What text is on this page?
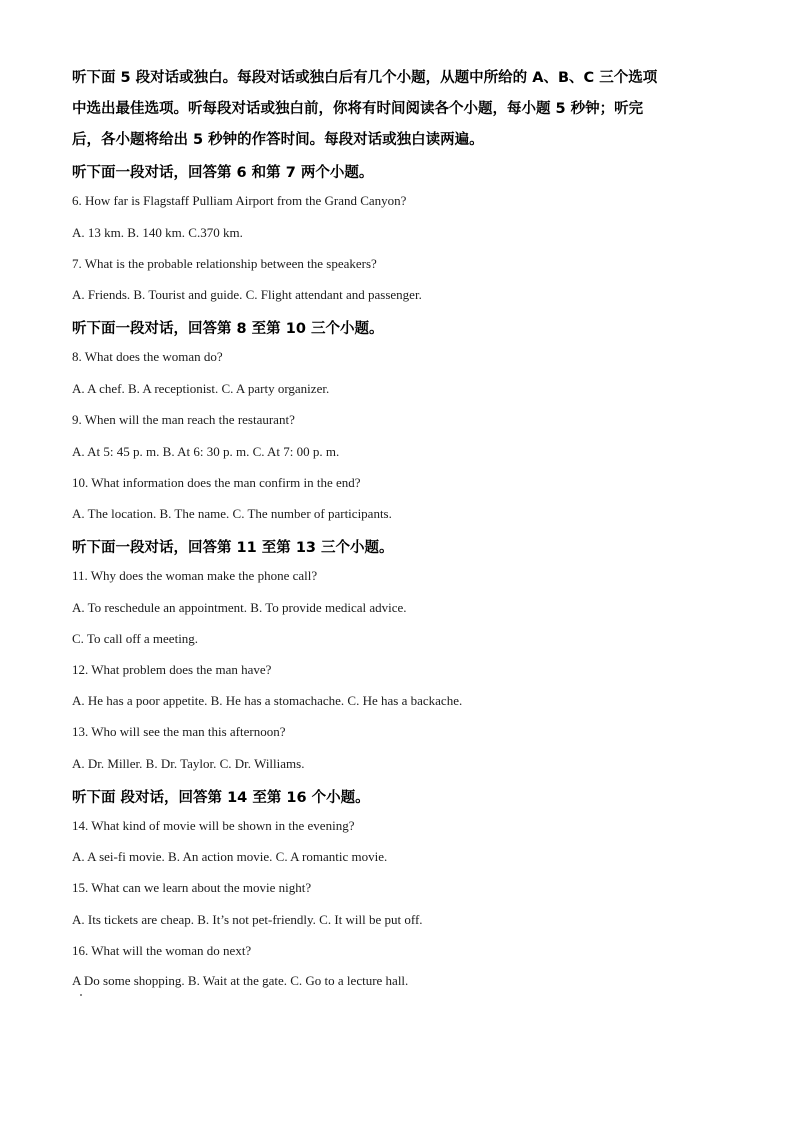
听下面 5 段对话或独白。每段对话或独白后有几个小题，从题中所给的 A、B、C 三个选项
中选出最佳选项。听每段对话或独白前，你将有时间阅读各个小题，每小题 5 秒钟；听完
后，各小题将给出 5 秒钟的作答时间。每段对话或独白读两遍。
听下面一段对话，回答第 6 和第 7 两个小题。
6. How far is Flagstaff Pulliam Airport from the Grand Canyon?
A. 13 km. B. 140 km. C.370 km.
7. What is the probable relationship between the speakers?
A. Friends. B. Tourist and guide. C. Flight attendant and passenger.
听下面一段对话，回答第 8 至第 10 三个小题。
8. What does the woman do?
A. A chef. B. A receptionist. C. A party organizer.
9. When will the man reach the restaurant?
A. At 5: 45 p. m. B. At 6: 30 p. m. C. At 7: 00 p. m.
10. What information does the man confirm in the end?
A. The location. B. The name. C. The number of participants.
听下面一段对话，回答第 11 至第 13 三个小题。
11. Why does the woman make the phone call?
A. To reschedule an appointment. B. To provide medical advice.
C. To call off a meeting.
12. What problem does the man have?
A. He has a poor appetite. B. He has a stomachache. C. He has a backache.
13. Who will see the man this afternoon?
A. Dr. Miller. B. Dr. Taylor. C. Dr. Williams.
听下面 段对话，回答第 14 至第 16 个小题。
14. What kind of movie will be shown in the evening?
A. A sei-fi movie. B. An action movie. C. A romantic movie.
15. What can we learn about the movie night?
A. Its tickets are cheap. B. It’s not pet-friendly. C. It will be put off.
16. What will the woman do next?
A Do some shopping. B. Wait at the gate. C. Go to a lecture hall.
